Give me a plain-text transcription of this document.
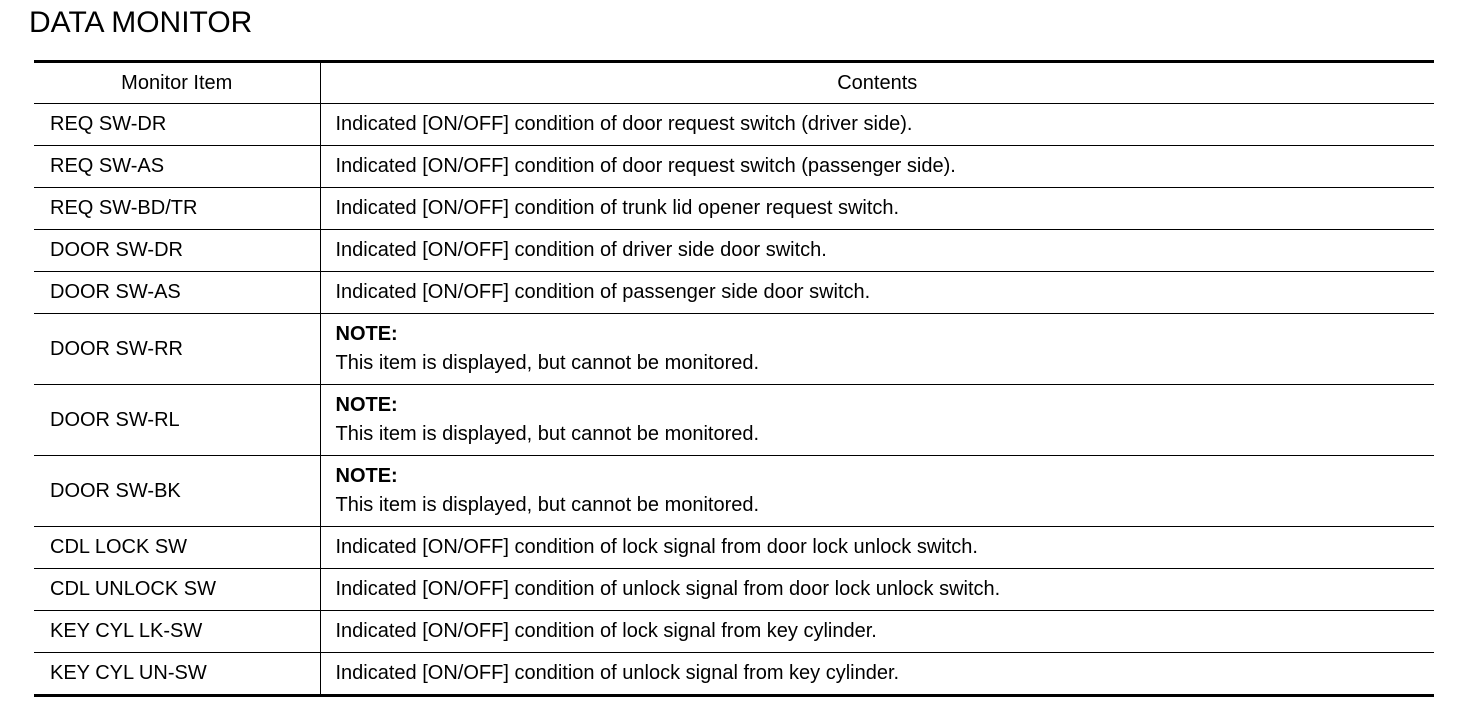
DATA MONITOR
Monitor Item	Contents
REQ SW-DR	Indicated [ON/OFF] condition of door request switch (driver side).
REQ SW-AS	Indicated [ON/OFF] condition of door request switch (passenger side).
REQ SW-BD/TR	Indicated [ON/OFF] condition of trunk lid opener request switch.
DOOR SW-DR	Indicated [ON/OFF] condition of driver side door switch.
DOOR SW-AS	Indicated [ON/OFF] condition of passenger side door switch.
DOOR SW-RR	NOTE:
This item is displayed, but cannot be monitored.

DOOR SW-RL	NOTE:
This item is displayed, but cannot be monitored.

DOOR SW-BK	NOTE:
This item is displayed, but cannot be monitored.

CDL LOCK SW	Indicated [ON/OFF] condition of lock signal from door lock unlock switch.
CDL UNLOCK SW	Indicated [ON/OFF] condition of unlock signal from door lock unlock switch.
KEY CYL LK-SW	Indicated [ON/OFF] condition of lock signal from key cylinder.
KEY CYL UN-SW	Indicated [ON/OFF] condition of unlock signal from key cylinder.
